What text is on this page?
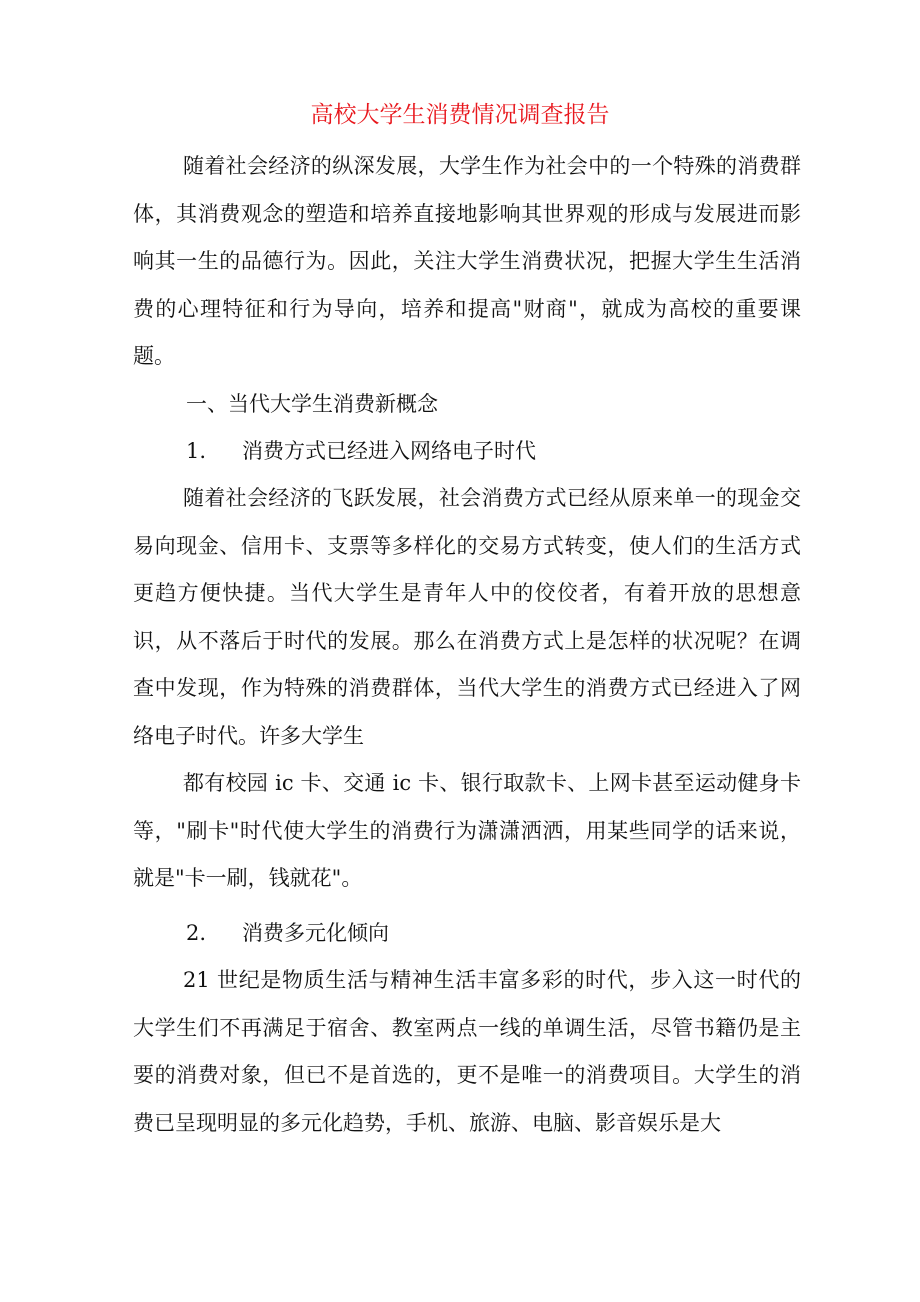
高校大学生消费情况调查报告

随着社会经济的纵深发展，大学生作为社会中的一个特殊的消费群体，其消费观念的塑造和培养直接地影响其世界观的形成与发展进而影响其一生的品德行为。因此，关注大学生消费状况，把握大学生生活消费的心理特征和行为导向，培养和提高"财商"，就成为高校的重要课题。

一、当代大学生消费新概念

1. 消费方式已经进入网络电子时代

随着社会经济的飞跃发展，社会消费方式已经从原来单一的现金交易向现金、信用卡、支票等多样化的交易方式转变，使人们的生活方式更趋方便快捷。当代大学生是青年人中的佼佼者，有着开放的思想意识，从不落后于时代的发展。那么在消费方式上是怎样的状况呢？在调查中发现，作为特殊的消费群体，当代大学生的消费方式已经进入了网络电子时代。许多大学生

都有校园 ic 卡、交通 ic 卡、银行取款卡、上网卡甚至运动健身卡等，"刷卡"时代使大学生的消费行为潇潇洒洒，用某些同学的话来说，就是"卡一刷，钱就花"。

2. 消费多元化倾向

21 世纪是物质生活与精神生活丰富多彩的时代，步入这一时代的大学生们不再满足于宿舍、教室两点一线的单调生活，尽管书籍仍是主要的消费对象，但已不是首选的，更不是唯一的消费项目。大学生的消费已呈现明显的多元化趋势，手机、旅游、电脑、影音娱乐是大
